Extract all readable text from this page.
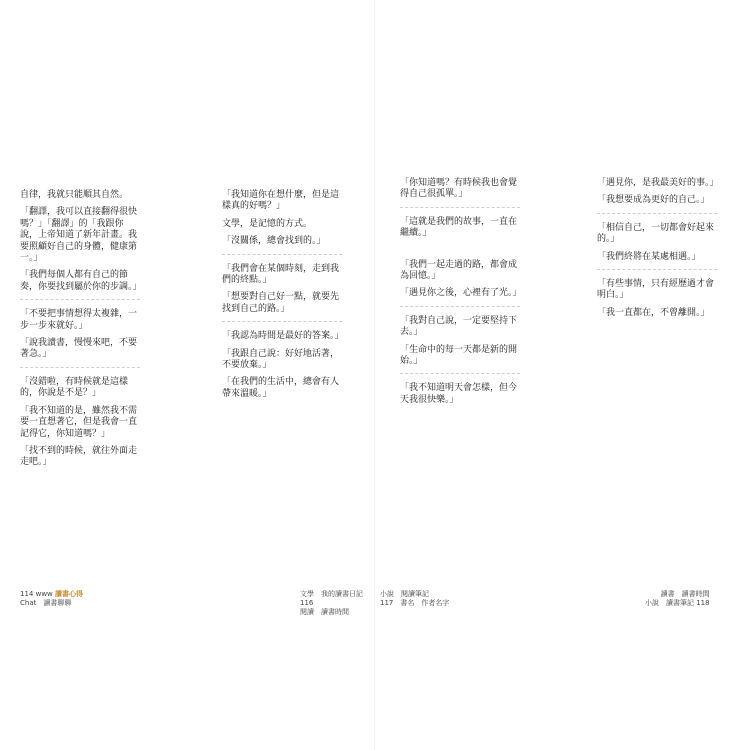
自律，我就只能順其自然。

「翻譯，我可以直接翻得很快嗎？」「翻譯」的「我跟你說，上帝知道了新年計畫。我要照顧好自己的身體，健康第一。」

「我們每個人都有自己的節奏，你要找到屬於你的步調。」

「不要把事情想得太複雜，一步一步來就好。」

「說我讀書，慢慢來吧，不要著急。」

「沒錯啦，有時候就是這樣的，你說是不是？」

「我不知道的是，雖然我不需要一直想著它，但是我會一直記得它，你知道嗎？」

「找不到的時候，就往外面走走吧。」

「我知道你在想什麼，但是這樣真的好嗎？」

文學，是記憶的方式。

「沒關係，總會找到的。」

「我們會在某個時刻，走到我們的終點。」

「想要對自己好一點，就要先找到自己的路。」

「我認為時間是最好的答案。」

「我跟自己說：好好地活著，不要放棄。」

「在我們的生活中，總會有人帶來溫暖。」

114 www 讀書心得
Chat　讀書聊聊
文學　我的讀書日記 116
閱讀　讀書時間

「你知道嗎？有時候我也會覺得自己很孤單。」

「這就是我們的故事，一直在繼續。」

「我們一起走過的路，都會成為回憶。」

「遇見你之後，心裡有了光。」

「我對自己說，一定要堅持下去。」

「生命中的每一天都是新的開始。」

「我不知道明天會怎樣，但今天我很快樂。」

「遇見你，是我最美好的事。」

「我想要成為更好的自己。」

「相信自己，一切都會好起來的。」

「我們終將在某處相遇。」

「有些事情，只有經歷過才會明白。」

「我一直都在，不曾離開。」

小說　閱讀筆記
117　書名　作者名字
讀書　讀書時間
小說　讀書筆記 118
